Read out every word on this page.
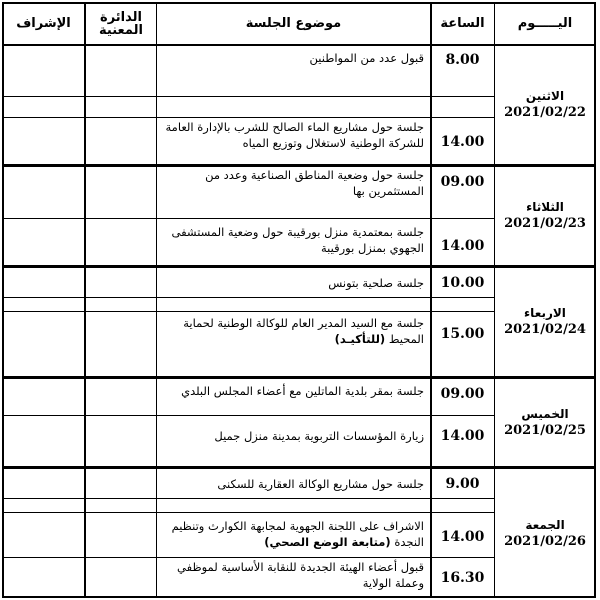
اليـــــوم
الساعة
موضوع الجلسة
الدائرة المعنية
الإشراف
الاثنين
2021/02/22
8.00
قبول عدد من المواطنين
14.00
جلسة حول مشاريع الماء الصالح للشرب بالإدارة العامة للشركة الوطنية لاستغلال وتوزيع المياه
الثلاثاء
2021/02/23
09.00
جلسة حول وضعية المناطق الصناعية وعدد من المستثمرين بها
14.00
جلسة بمعتمدية منزل بورقيبة حول وضعية المستشفى الجهوي بمنزل بورقيبة
الاربعاء
2021/02/24
10.00
جلسة صلحية بتونس
15.00
جلسة مع السيد المدير العام للوكالة الوطنية لحماية المحيط (للتأكيـد)
الخميس
2021/02/25
09.00
جلسة بمقر بلدية الماتلين مع أعضاء المجلس البلدي
14.00
زيارة المؤسسات التربوية بمدينة منزل جميل
الجمعة
2021/02/26
9.00
جلسة حول مشاريع الوكالة العقارية للسكنى
14.00
الاشراف على اللجنة الجهوية لمجابهة الكوارث وتنظيم النجدة (متابعة الوضع الصحي)
16.30
قبول أعضاء الهيئة الجديدة للنقابة الأساسية لموظفي وعملة الولاية
